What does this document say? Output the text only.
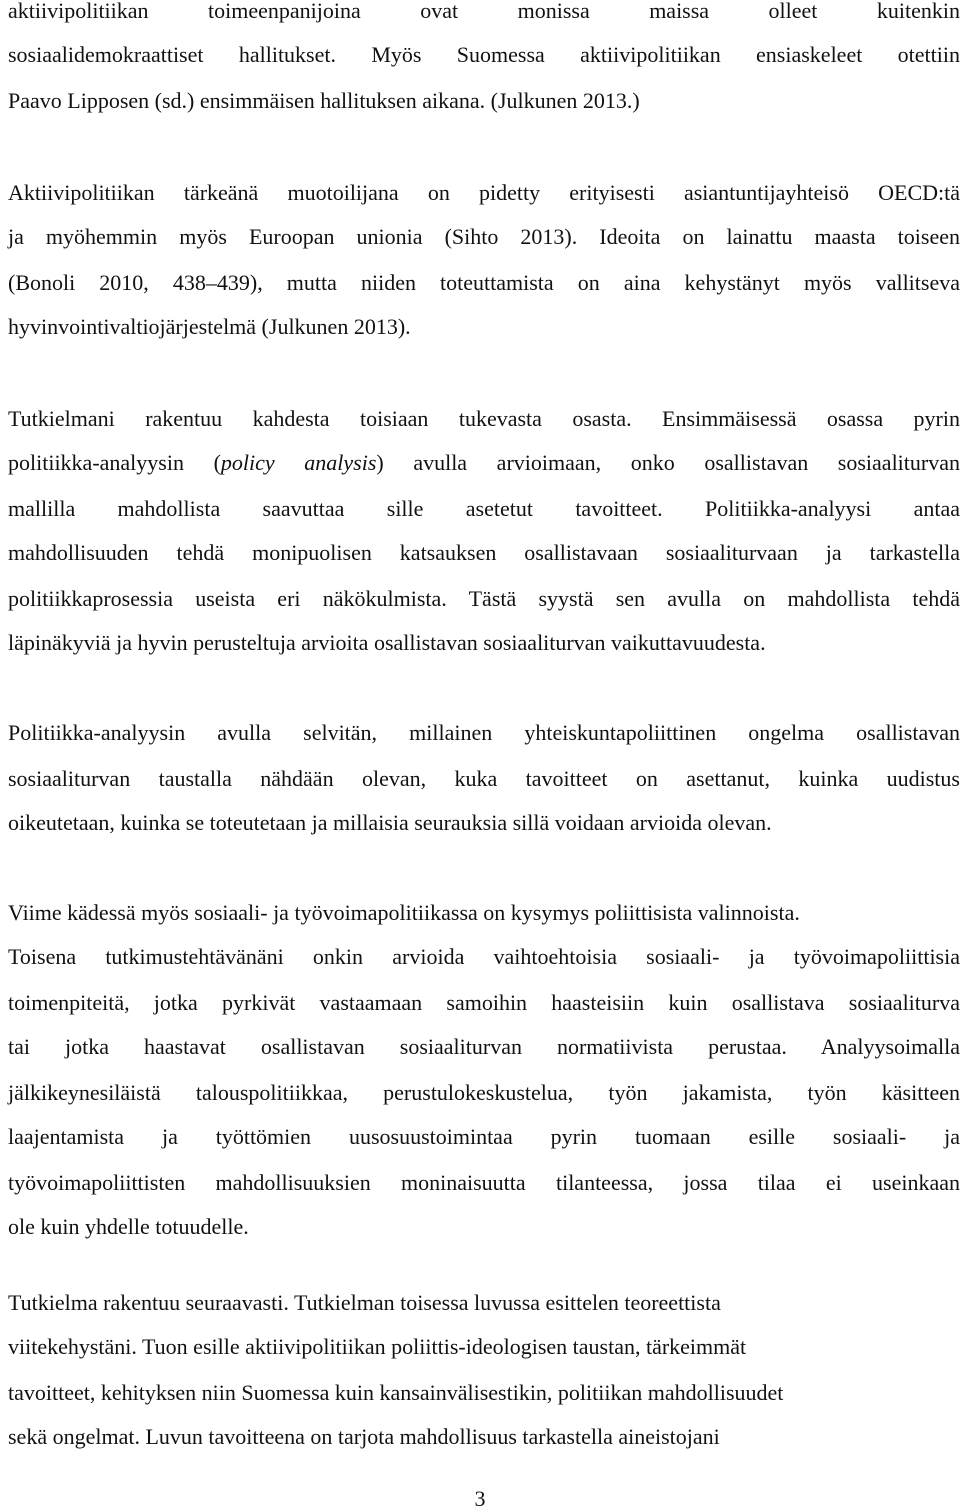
aktiivipolitiikan toimeenpanijoina ovat monissa maissa olleet kuitenkin
sosiaalidemokraattiset hallitukset. Myös Suomessa aktiivipolitiikan ensiaskeleet otettiin
Paavo Lipposen (sd.) ensimmäisen hallituksen aikana. (Julkunen 2013.)
Aktiivipolitiikan tärkeänä muotoilijana on pidetty erityisesti asiantuntijayhteisö OECD:tä
ja myöhemmin myös Euroopan unionia (Sihto 2013). Ideoita on lainattu maasta toiseen
(Bonoli 2010, 438–439), mutta niiden toteuttamista on aina kehystänyt myös vallitseva
hyvinvointivaltiojärjestelmä (Julkunen 2013).
Tutkielmani rakentuu kahdesta toisiaan tukevasta osasta. Ensimmäisessä osassa pyrin
politiikka-analyysin (policy analysis) avulla arvioimaan, onko osallistavan sosiaaliturvan
mallilla mahdollista saavuttaa sille asetetut tavoitteet. Politiikka-analyysi antaa
mahdollisuuden tehdä monipuolisen katsauksen osallistavaan sosiaaliturvaan ja tarkastella
politiikkaprosessia useista eri näkökulmista. Tästä syystä sen avulla on mahdollista tehdä
läpinäkyviä ja hyvin perusteltuja arvioita osallistavan sosiaaliturvan vaikuttavuudesta.
Politiikka-analyysin avulla selvitän, millainen yhteiskuntapoliittinen ongelma osallistavan
sosiaaliturvan taustalla nähdään olevan, kuka tavoitteet on asettanut, kuinka uudistus
oikeutetaan, kuinka se toteutetaan ja millaisia seurauksia sillä voidaan arvioida olevan.
Viime kädessä myös sosiaali- ja työvoimapolitiikassa on kysymys poliittisista valinnoista.
Toisena tutkimustehtävänäni onkin arvioida vaihtoehtoisia sosiaali- ja työvoimapoliittisia
toimenpiteitä, jotka pyrkivät vastaamaan samoihin haasteisiin kuin osallistava sosiaaliturva
tai jotka haastavat osallistavan sosiaaliturvan normatiivista perustaa. Analyysoimalla
jälkikeynesiläistä talouspolitiikkaa, perustulokeskustelua, työn jakamista, työn käsitteen
laajentamista ja työttömien uusosuustoimintaa pyrin tuomaan esille sosiaali- ja
työvoimapoliittisten mahdollisuuksien moninaisuutta tilanteessa, jossa tilaa ei useinkaan
ole kuin yhdelle totuudelle.
Tutkielma rakentuu seuraavasti. Tutkielman toisessa luvussa esittelen teoreettista
viitekehystäni. Tuon esille aktiivipolitiikan poliittis-ideologisen taustan, tärkeimmät
tavoitteet, kehityksen niin Suomessa kuin kansainvälisestikin, politiikan mahdollisuudet
sekä ongelmat. Luvun tavoitteena on tarjota mahdollisuus tarkastella aineistojani
3
